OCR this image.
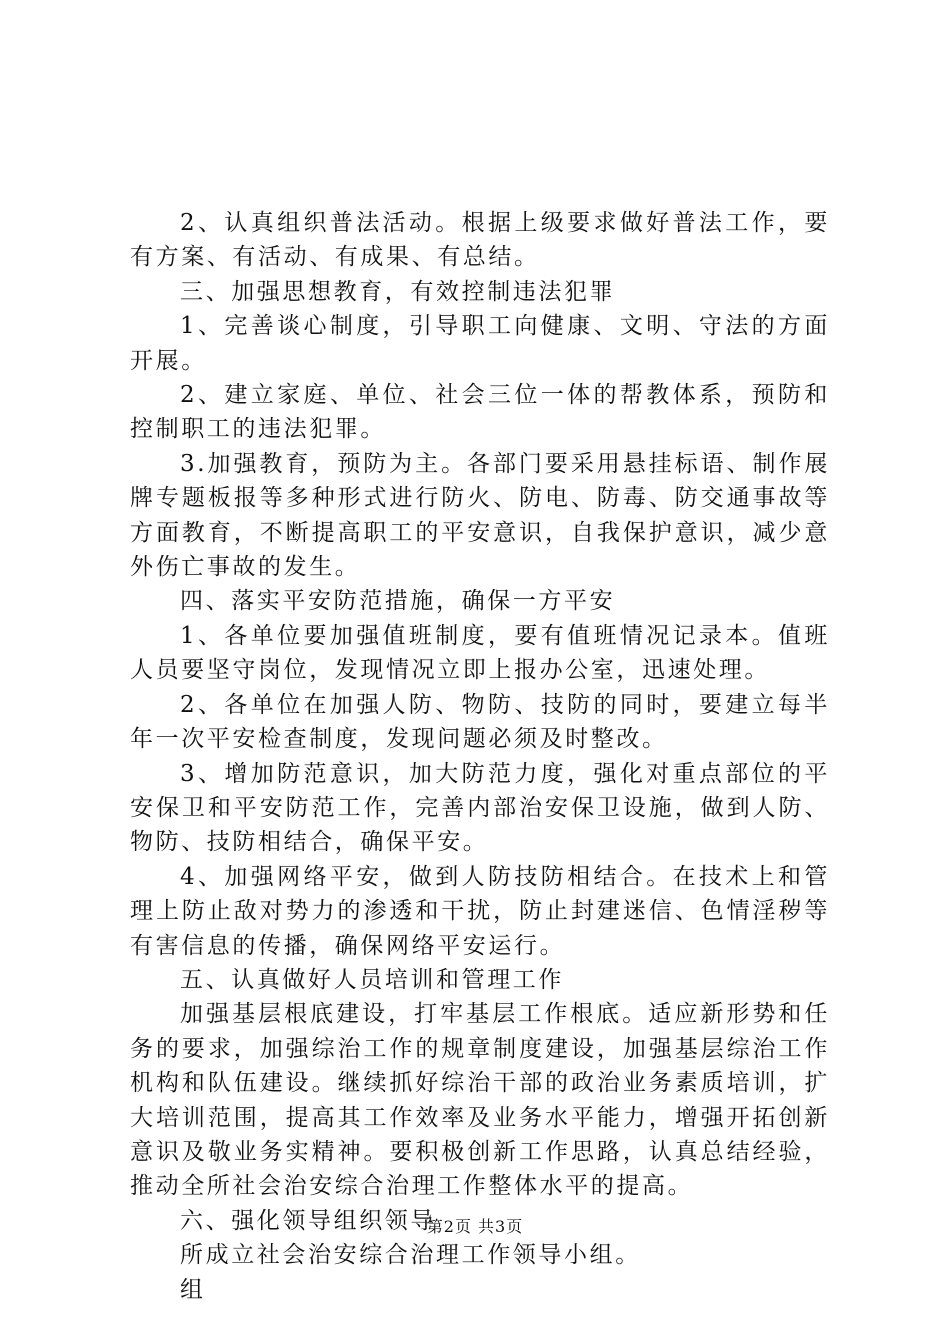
2、认真组织普法活动。根据上级要求做好普法工作，要有方案、有活动、有成果、有总结。

三、加强思想教育，有效控制违法犯罪

1、完善谈心制度，引导职工向健康、文明、守法的方面开展。

2、建立家庭、单位、社会三位一体的帮教体系，预防和控制职工的违法犯罪。

3.加强教育，预防为主。各部门要采用悬挂标语、制作展牌专题板报等多种形式进行防火、防电、防毒、防交通事故等方面教育，不断提高职工的平安意识，自我保护意识，减少意外伤亡事故的发生。

四、落实平安防范措施，确保一方平安

1、各单位要加强值班制度，要有值班情况记录本。值班人员要坚守岗位，发现情况立即上报办公室，迅速处理。

2、各单位在加强人防、物防、技防的同时，要建立每半年一次平安检查制度，发现问题必须及时整改。

3、增加防范意识，加大防范力度，强化对重点部位的平安保卫和平安防范工作，完善内部治安保卫设施，做到人防、物防、技防相结合，确保平安。

4、加强网络平安，做到人防技防相结合。在技术上和管理上防止敌对势力的渗透和干扰，防止封建迷信、色情淫秽等有害信息的传播，确保网络平安运行。

五、认真做好人员培训和管理工作

加强基层根底建设，打牢基层工作根底。适应新形势和任务的要求，加强综治工作的规章制度建设，加强基层综治工作机构和队伍建设。继续抓好综治干部的政治业务素质培训，扩大培训范围，提高其工作效率及业务水平能力，增强开拓创新意识及敬业务实精神。要积极创新工作思路，认真总结经验，推动全所社会治安综合治理工作整体水平的提高。

六、强化领导组织领导

所成立社会治安综合治理工作领导小组。

组

第2页 共3页
